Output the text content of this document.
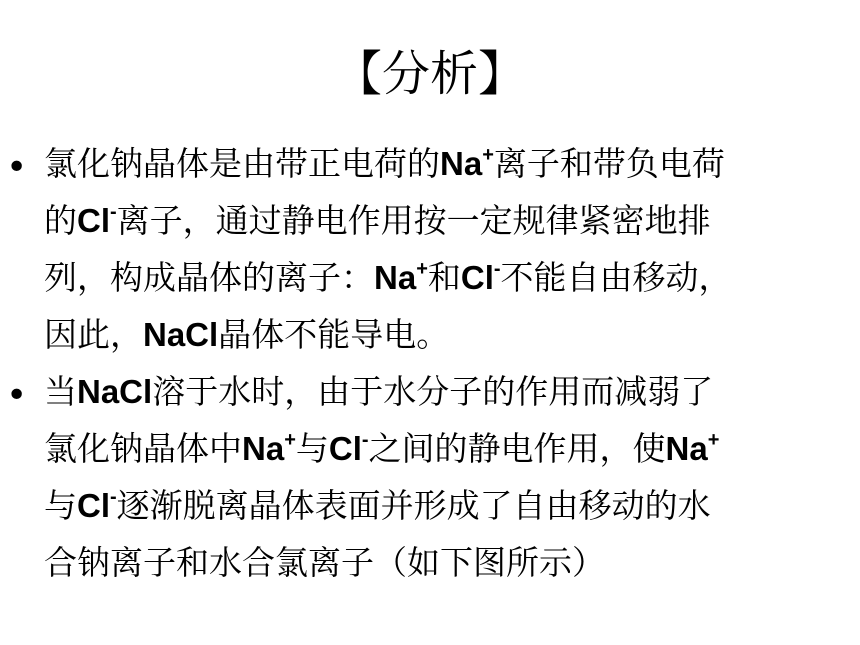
【分析】
• 氯化钠晶体是由带正电荷的Na+离子和带负电荷
的Cl-离子，通过静电作用按一定规律紧密地排
列，构成晶体的离子：Na+和Cl-不能自由移动，
因此，NaCl晶体不能导电。
• 当NaCl溶于水时，由于水分子的作用而减弱了
氯化钠晶体中Na+与Cl-之间的静电作用，使Na+
与Cl-逐渐脱离晶体表面并形成了自由移动的水
合钠离子和水合氯离子（如下图所示）
